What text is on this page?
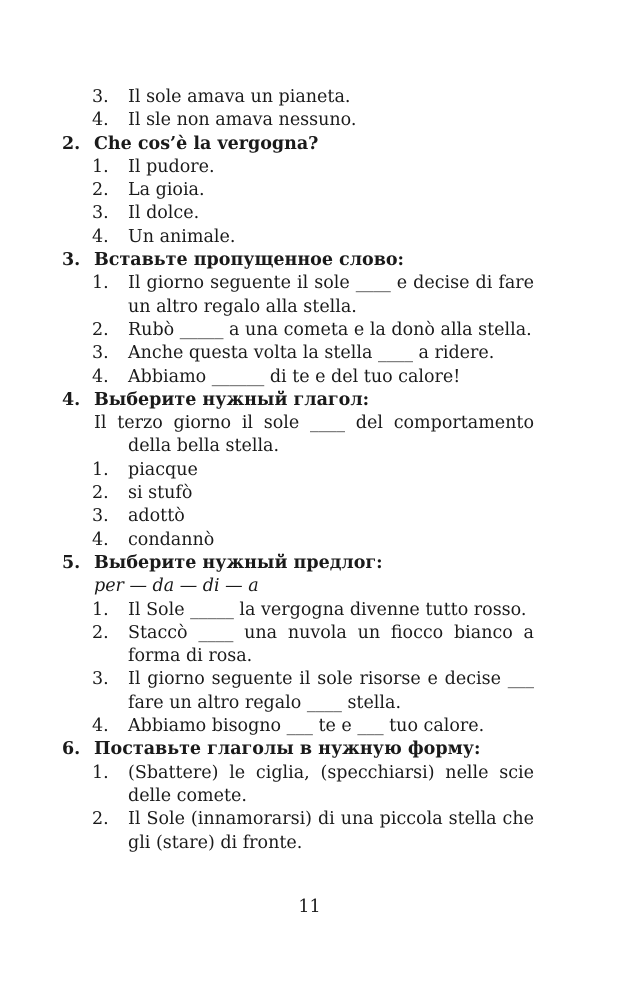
3. Il sole amava un pianeta.
4. Il sle non amava nessuno.
2. Che cos’è la vergogna?
1. Il pudore.
2. La gioia.
3. Il dolce.
4. Un animale.
3. Вставьте пропущенное слово:
1. Il giorno seguente il sole ____ e decise di fare
un altro regalo alla stella.
2. Rubò _____ a una cometa e la donò alla stella.
3. Anche questa volta la stella ____ a ridere.
4. Abbiamo ______ di te e del tuo calore!
4. Выберите нужный глагол:
Il terzo giorno il sole ____ del comportamento
della bella stella.
1. piacque
2. si stufò
3. adottò
4. condannò
5. Выберите нужный предлог:
per — da — di — a
1. Il Sole _____ la vergogna divenne tutto rosso.
2. Staccò ____ una nuvola un fiocco bianco a
forma di rosa.
3. Il giorno seguente il sole risorse e decise ___
fare un altro regalo ____ stella.
4. Abbiamo bisogno ___ te e ___ tuo calore.
6. Поставьте глаголы в нужную форму:
1. (Sbattere) le ciglia, (specchiarsi) nelle scie
delle comete.
2. Il Sole (innamorarsi) di una piccola stella che
gli (stare) di fronte.
11
